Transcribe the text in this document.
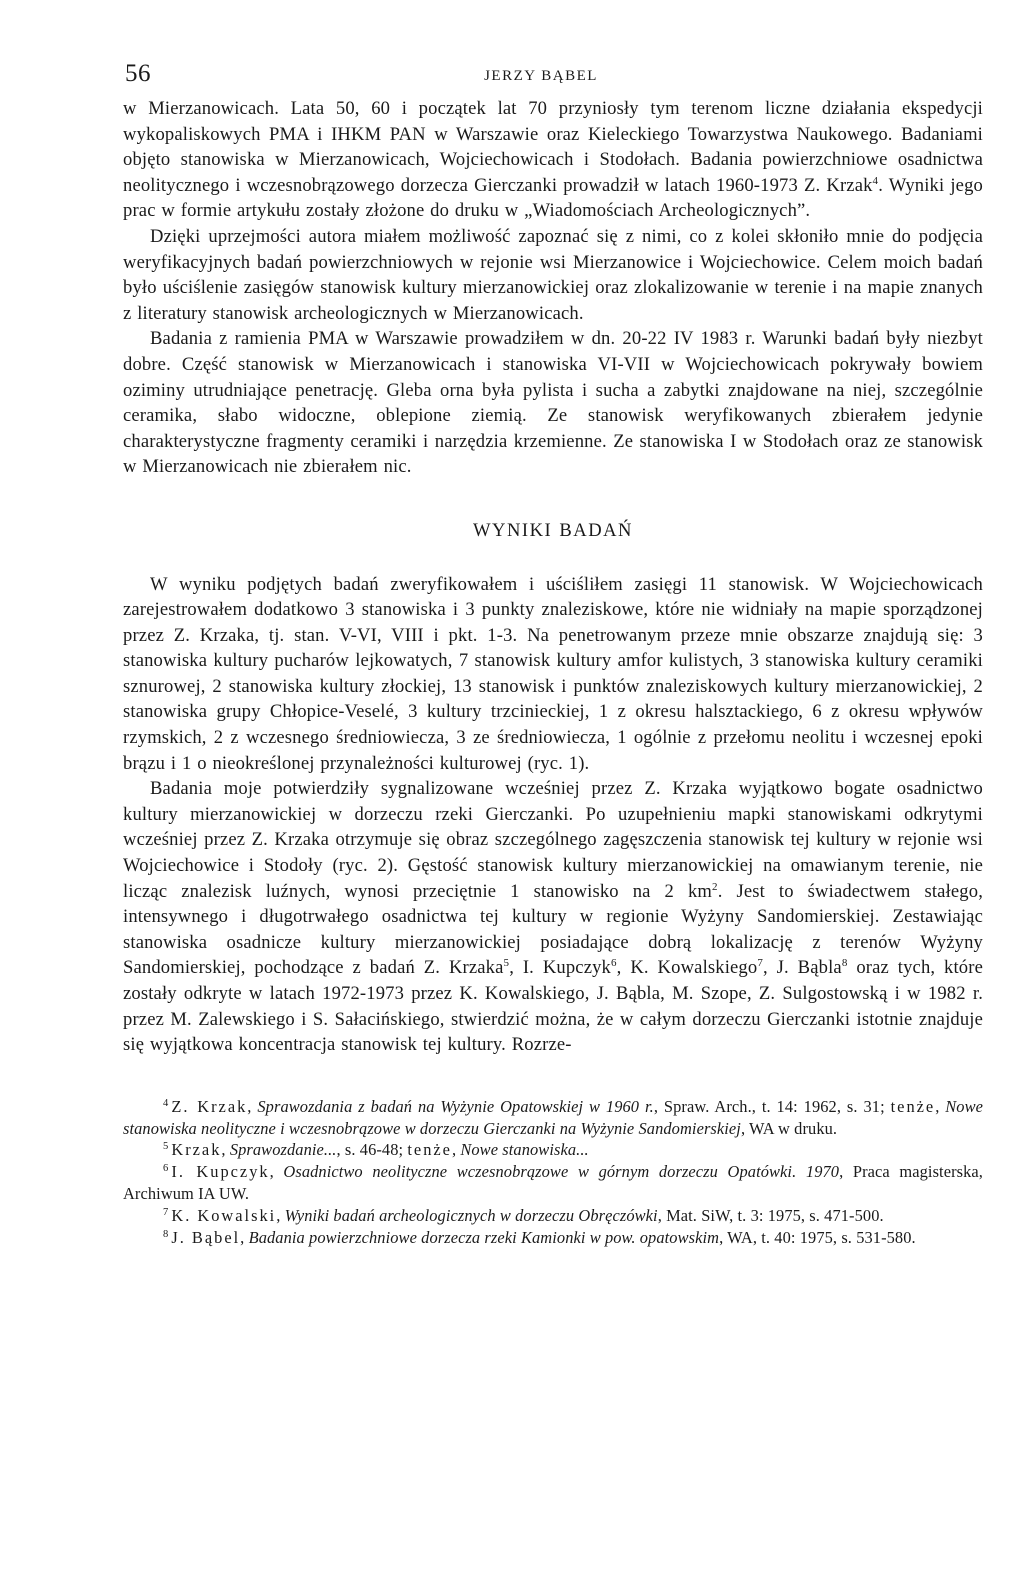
56	JERZY BĄBEL

w Mierzanowicach. Lata 50, 60 i początek lat 70 przyniosły tym terenom liczne działania ekspedycji wykopaliskowych PMA i IHKM PAN w Warszawie oraz Kieleckiego Towarzystwa Naukowego. Badaniami objęto stanowiska w Mierzanowicach, Wojciechowicach i Stodołach. Badania powierzchniowe osadnictwa neolitycznego i wczesnobrązowego dorzecza Gierczanki prowadził w latach 1960-1973 Z. Krzak$^4$. Wyniki jego prac w formie artykułu zostały złożone do druku w „Wiadomościach Archeologicznych”.

Dzięki uprzejmości autora miałem możliwość zapoznać się z nimi, co z kolei skłoniło mnie do podjęcia weryfikacyjnych badań powierzchniowych w rejonie wsi Mierzanowice i Wojciechowice. Celem moich badań było uściślenie zasięgów stanowisk kultury mierzanowickiej oraz zlokalizowanie w terenie i na mapie znanych z literatury stanowisk archeologicznych w Mierzanowicach.

Badania z ramienia PMA w Warszawie prowadziłem w dn. 20-22 IV 1983 r. Warunki badań były niezbyt dobre. Część stanowisk w Mierzanowicach i stanowiska VI-VII w Wojciechowicach pokrywały bowiem oziminy utrudniające penetrację. Gleba orna była pylista i sucha a zabytki znajdowane na niej, szczególnie ceramika, słabo widoczne, oblepione ziemią. Ze stanowisk weryfikowanych zbierałem jedynie charakterystyczne fragmenty ceramiki i narzędzia krzemienne. Ze stanowiska I w Stodołach oraz ze stanowisk w Mierzanowicach nie zbierałem nic.

WYNIKI BADAŃ

W wyniku podjętych badań zweryfikowałem i uściśliłem zasięgi 11 stanowisk. W Wojciechowicach zarejestrowałem dodatkowo 3 stanowiska i 3 punkty znaleziskowe, które nie widniały na mapie sporządzonej przez Z. Krzaka, tj. stan. V-VI, VIII i pkt. 1-3. Na penetrowanym przeze mnie obszarze znajdują się: 3 stanowiska kultury pucharów lejkowatych, 7 stanowisk kultury amfor kulistych, 3 stanowiska kultury ceramiki sznurowej, 2 stanowiska kultury złockiej, 13 stanowisk i punktów znaleziskowych kultury mierzanowickiej, 2 stanowiska grupy Chłopice-Veselé, 3 kultury trzcinieckiej, 1 z okresu halsztackiego, 6 z okresu wpływów rzymskich, 2 z wczesnego średniowiecza, 3 ze średniowiecza, 1 ogólnie z przełomu neolitu i wczesnej epoki brązu i 1 o nieokreślonej przynależności kulturowej (ryc. 1).

Badania moje potwierdziły sygnalizowane wcześniej przez Z. Krzaka wyjątkowo bogate osadnictwo kultury mierzanowickiej w dorzeczu rzeki Gierczanki. Po uzupełnieniu mapki stanowiskami odkrytymi wcześniej przez Z. Krzaka otrzymuje się obraz szczególnego zagęszczenia stanowisk tej kultury w rejonie wsi Wojciechowice i Stodoły (ryc. 2). Gęstość stanowisk kultury mierzanowickiej na omawianym terenie, nie licząc znalezisk luźnych, wynosi przeciętnie 1 stanowisko na 2 $km^2$. Jest to świadectwem stałego, intensywnego i długotrwałego osadnictwa tej kultury w regionie Wyżyny Sandomierskiej. Zestawiając stanowiska osadnicze kultury mierzanowickiej posiadające dobrą lokalizację z terenów Wyżyny Sandomierskiej, pochodzące z badań Z. Krzaka$^5$, I. Kupczyk$^6$, K. Kowalskiego$^7$, J. Bąbla$^8$ oraz tych, które zostały odkryte w latach 1972-1973 przez K. Kowalskiego, J. Bąbla, M. Szope, Z. Sulgostowską i w 1982 r. przez M. Zalewskiego i S. Sałacińskiego, stwierdzić można, że w całym dorzeczu Gierczanki istotnie znajduje się wyjątkowa koncentracja stanowisk tej kultury. Rozrze-

$^4$ Z. Krzak, Sprawozdania z badań na Wyżynie Opatowskiej w 1960 r., Spraw. Arch., t. 14: 1962, s. 31; tenże, Nowe stanowiska neolityczne i wczesnobrązowe w dorzeczu Gierczanki na Wyżynie Sandomierskiej, WA w druku.

$^5$ Krzak, Sprawozdanie..., s. 46-48; tenże, Nowe stanowiska...

$^6$ I. Kupczyk, Osadnictwo neolityczne wczesnobrązowe w górnym dorzeczu Opatówki. 1970, Praca magisterska, Archiwum IA UW.

$^7$ K. Kowalski, Wyniki badań archeologicznych w dorzeczu Obręczówki, Mat. SiW, t. 3: 1975, s. 471-500.

$^8$ J. Bąbel, Badania powierzchniowe dorzecza rzeki Kamionki w pow. opatowskim, WA, t. 40: 1975, s. 531-580.
